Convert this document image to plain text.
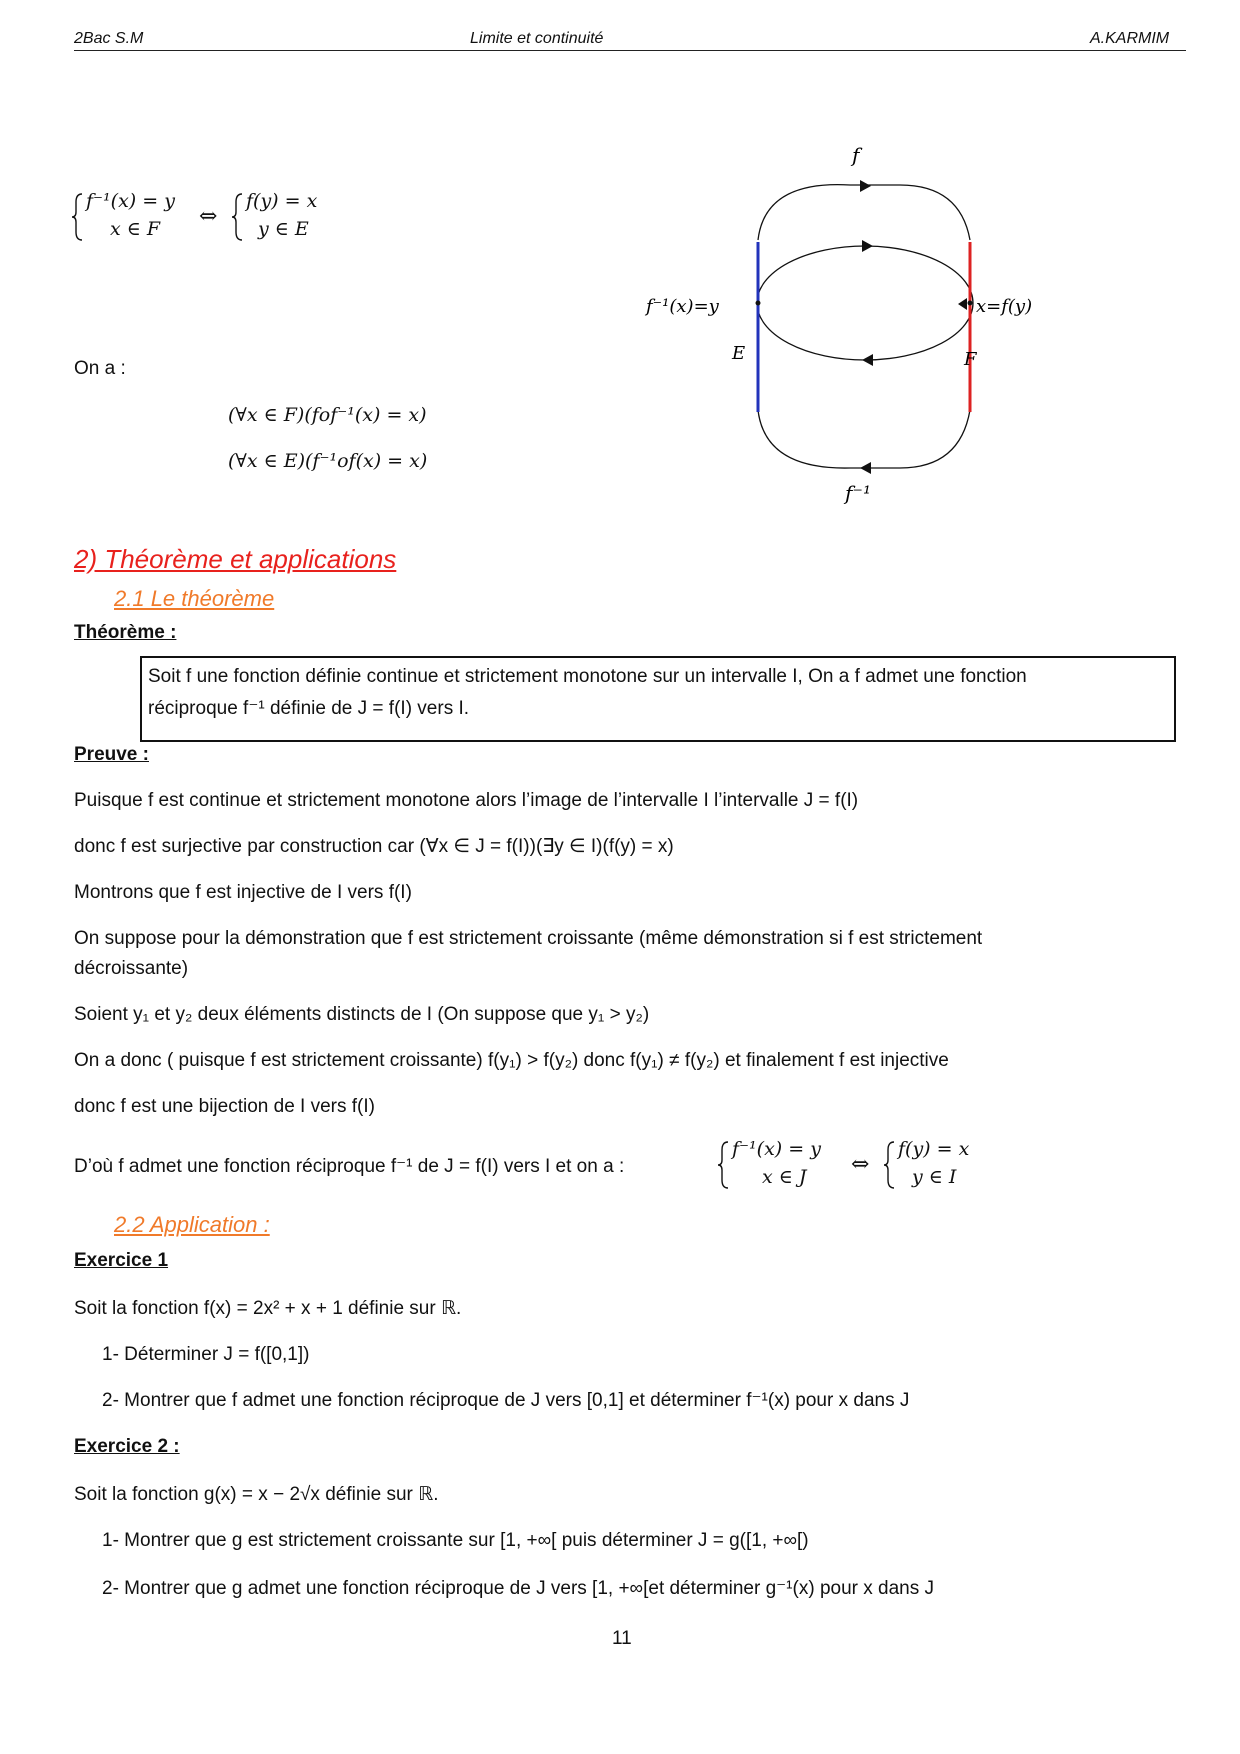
2Bac S.M	Limite et continuité	A.KARMIM
f⁻¹(x) = y
x ∈ F ⇔
f(y) = x
y ∈ E
On a :
(∀x ∈ F)(fof⁻¹(x) = x)
(∀x ∈ E)(f⁻¹of(x) = x)
f
f⁻¹
f⁻¹(x)=y	x=f(y)
E	F
2) Théorème et applications
2.1 Le théorème
Théorème :
Soit f une fonction définie continue et strictement monotone sur un intervalle I, On a f admet une fonction
réciproque f⁻¹ définie de J = f(I) vers I.
Preuve :
Puisque f est continue et strictement monotone alors l’image de l’intervalle I l’intervalle J = f(I)
donc f est surjective par construction car (∀x ∈ J = f(I))(∃y ∈ I)(f(y) = x)
Montrons que f est injective de I vers f(I)
On suppose pour la démonstration que f est strictement croissante (même démonstration si f est strictement
décroissante)
Soient y₁ et y₂ deux éléments distincts de I (On suppose que y₁ > y₂)
On a donc ( puisque f est strictement croissante) f(y₁) > f(y₂) donc f(y₁) ≠ f(y₂) et finalement f est injective
donc f est une bijection de I vers f(I)
D’où f admet une fonction réciproque f⁻¹ de J = f(I) vers I et on a :
f⁻¹(x) = y
x ∈ J ⇔
f(y) = x
y ∈ I
2.2 Application :
Exercice 1
Soit la fonction f(x) = 2x² + x + 1 définie sur ℝ.
1- Déterminer J = f([0,1])
2- Montrer que f admet une fonction réciproque de J vers [0,1] et déterminer f⁻¹(x) pour x dans J
Exercice 2 :
Soit la fonction g(x) = x − 2√x définie sur ℝ.
1- Montrer que g est strictement croissante sur [1, +∞[ puis déterminer J = g([1, +∞[)
2- Montrer que g admet une fonction réciproque de J vers [1, +∞[et déterminer g⁻¹(x) pour x dans J
11
